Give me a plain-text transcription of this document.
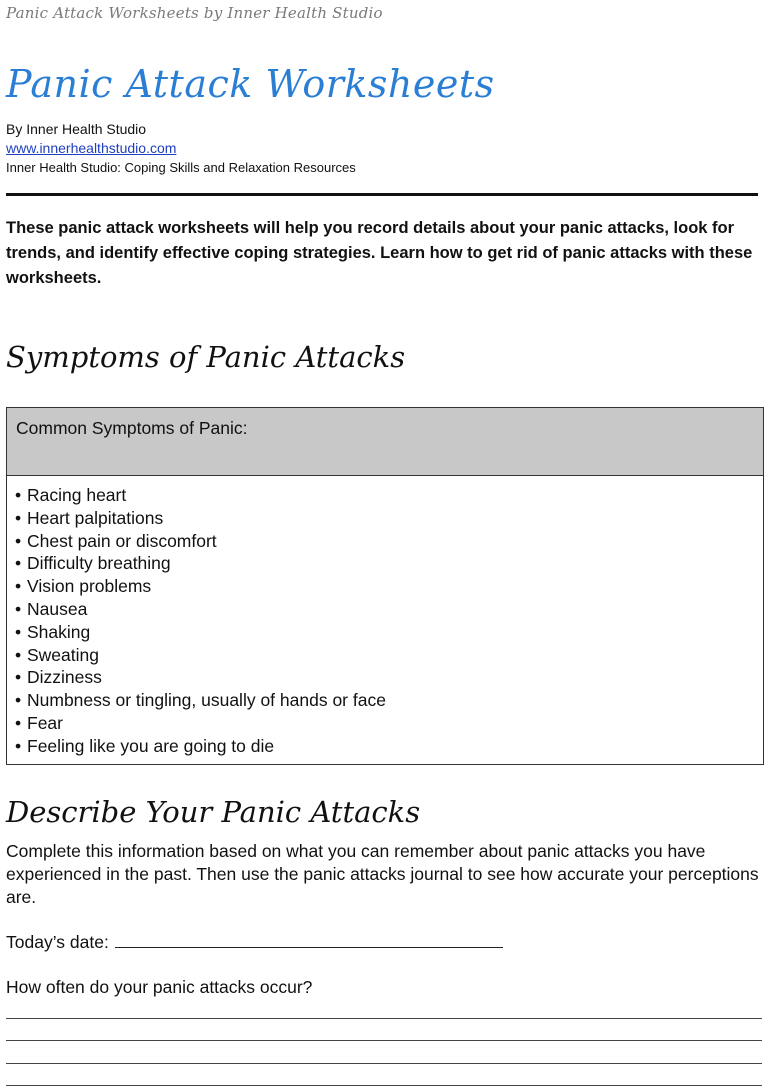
Panic Attack Worksheets by Inner Health Studio
Panic Attack Worksheets
By Inner Health Studio
www.innerhealthstudio.com
Inner Health Studio: Coping Skills and Relaxation Resources

These panic attack worksheets will help you record details about your panic attacks, look for trends, and identify effective coping strategies. Learn how to get rid of panic attacks with these worksheets.

Symptoms of Panic Attacks
Common Symptoms of Panic:
• Racing heart
• Heart palpitations
• Chest pain or discomfort
• Difficulty breathing
• Vision problems
• Nausea
• Shaking
• Sweating
• Dizziness
• Numbness or tingling, usually of hands or face
• Fear
• Feeling like you are going to die
Describe Your Panic Attacks

Complete this information based on what you can remember about panic attacks you have experienced in the past. Then use the panic attacks journal to see how accurate your perceptions are.

Today’s date:
How often do your panic attacks occur?
